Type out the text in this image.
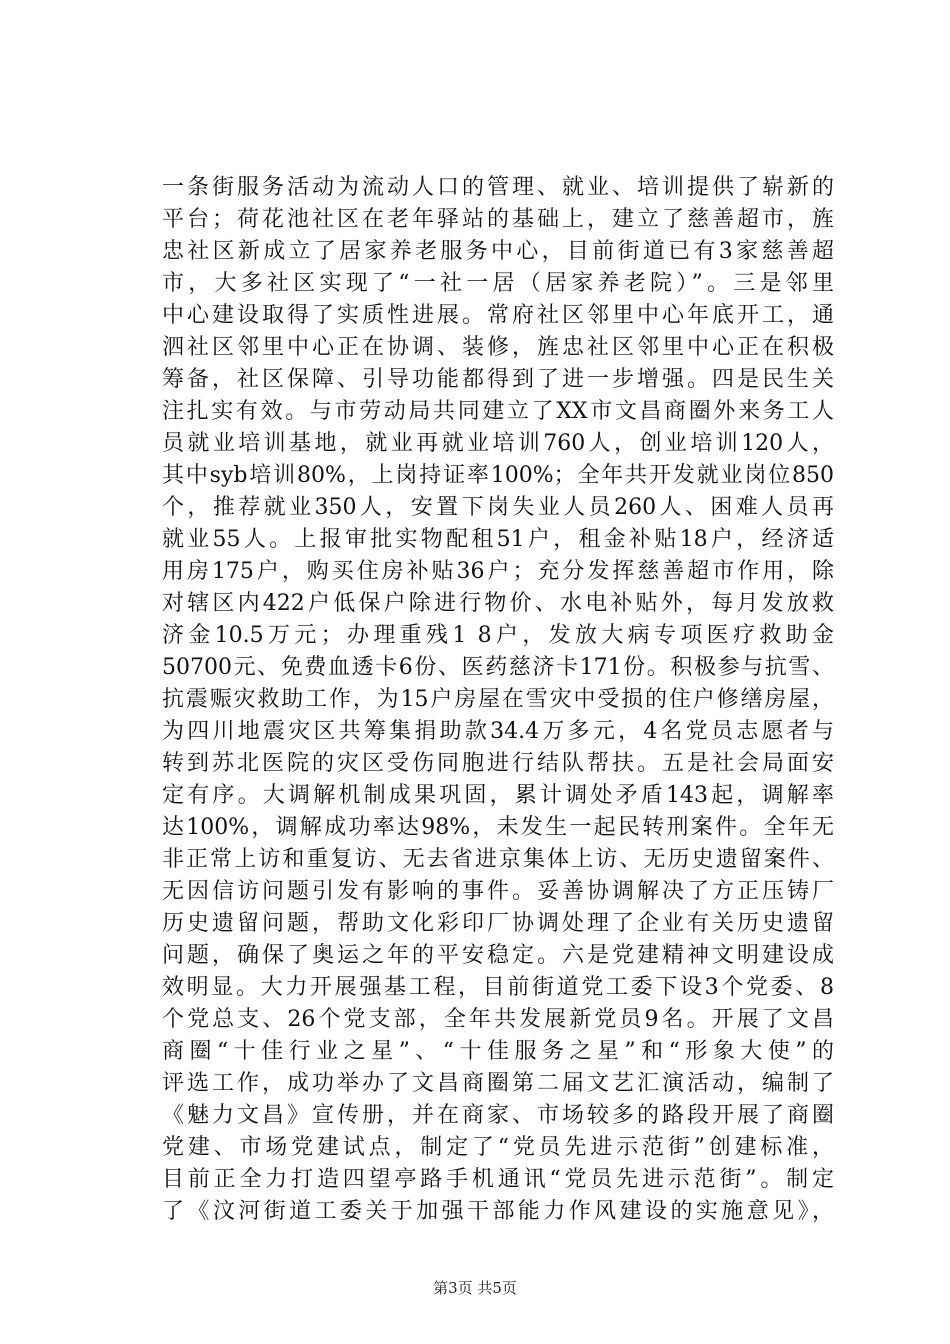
一条街服务活动为流动人口的管理、就业、培训提供了崭新的
平台；荷花池社区在老年驿站的基础上，建立了慈善超市，旌
忠社区新成立了居家养老服务中心，目前街道已有3家慈善超
市，大多社区实现了“一社一居（居家养老院）”。三是邻里
中心建设取得了实质性进展。常府社区邻里中心年底开工，通
泗社区邻里中心正在协调、装修，旌忠社区邻里中心正在积极
筹备，社区保障、引导功能都得到了进一步增强。四是民生关
注扎实有效。与市劳动局共同建立了XX市文昌商圈外来务工人
员就业培训基地，就业再就业培训760人，创业培训120人，
其中syb培训80%，上岗持证率100%；全年共开发就业岗位850
个，推荐就业350人，安置下岗失业人员260人、困难人员再
就业55人。上报审批实物配租51户，租金补贴18户，经济适
用房175户，购买住房补贴36户；充分发挥慈善超市作用，除
对辖区内422户低保户除进行物价、水电补贴外，每月发放救
济金10.5万元；办理重残1 8户，发放大病专项医疗救助金
50700元、免费血透卡6份、医药慈济卡171份。积极参与抗雪、
抗震赈灾救助工作，为15户房屋在雪灾中受损的住户修缮房屋，
为四川地震灾区共筹集捐助款34.4万多元，4名党员志愿者与
转到苏北医院的灾区受伤同胞进行结队帮扶。五是社会局面安
定有序。大调解机制成果巩固，累计调处矛盾143起，调解率
达100%，调解成功率达98%，未发生一起民转刑案件。全年无
非正常上访和重复访、无去省进京集体上访、无历史遗留案件、
无因信访问题引发有影响的事件。妥善协调解决了方正压铸厂
历史遗留问题，帮助文化彩印厂协调处理了企业有关历史遗留
问题，确保了奥运之年的平安稳定。六是党建精神文明建设成
效明显。大力开展强基工程，目前街道党工委下设3个党委、8
个党总支、26个党支部，全年共发展新党员9名。开展了文昌
商圈“十佳行业之星”、“十佳服务之星”和“形象大使”的
评选工作，成功举办了文昌商圈第二届文艺汇演活动，编制了
《魅力文昌》宣传册，并在商家、市场较多的路段开展了商圈
党建、市场党建试点，制定了“党员先进示范街”创建标准，
目前正全力打造四望亭路手机通讯“党员先进示范街”。制定
了《汶河街道工委关于加强干部能力作风建设的实施意见》，
第3页 共5页
